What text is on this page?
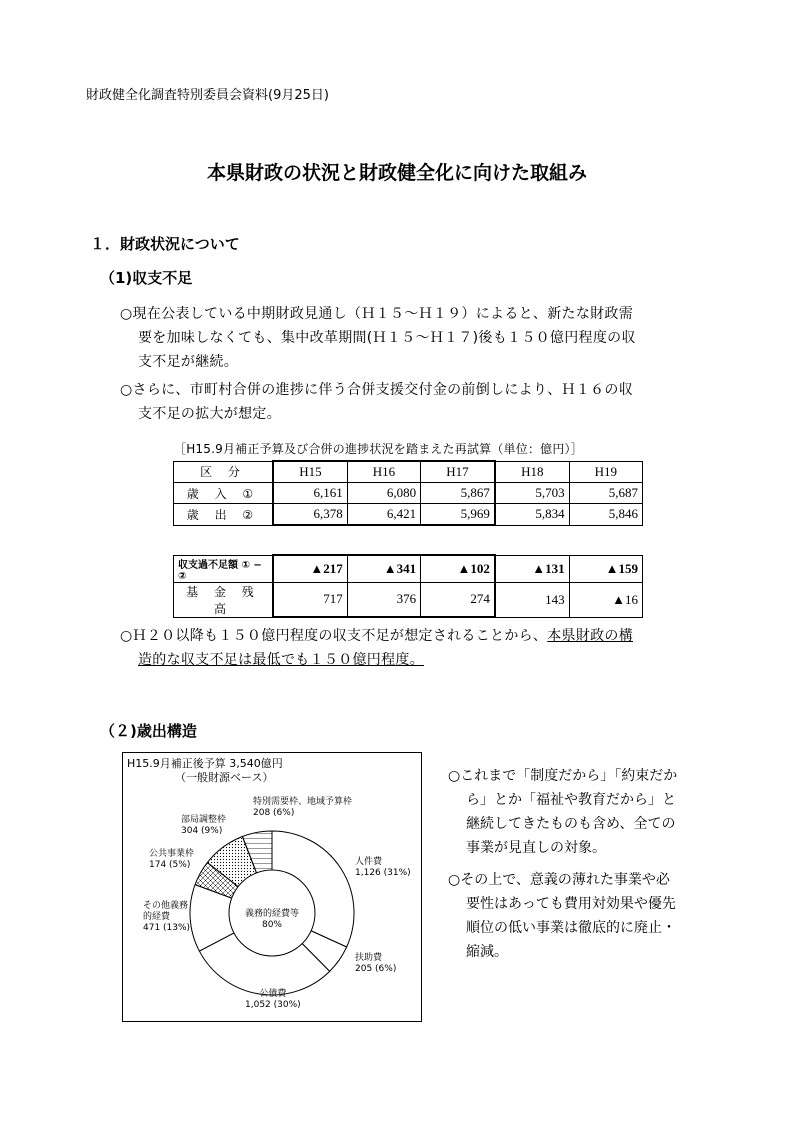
財政健全化調査特別委員会資料(9月25日)
本県財政の状況と財政健全化に向けた取組み
１．財政状況について
（1)収支不足
○現在公表している中期財政見通し（Ｈ１５～Ｈ１９）によると、新たな財政需
要を加味しなくても、集中改革期間(Ｈ１５～Ｈ１７)後も１５０億円程度の収
支不足が継続。
○さらに、市町村合併の進捗に伴う合併支援交付金の前倒しにより、Ｈ１６の収
支不足の拡大が想定。
［H15.9月補正予算及び合併の進捗状況を踏まえた再試算（単位：億円）］
区 分	H15	H16	H17	H18	H19
歳 入 ①	6,161	6,080	5,867	5,703	5,687
歳 出 ②	6,378	6,421	5,969	5,834	5,846
収支過不足額 ① − ②	▲217	▲341	▲102	▲131	▲159
基 金 残 高	717	376	274	143	▲16
○Ｈ２０以降も１５０億円程度の収支不足が想定されることから、本県財政の構
造的な収支不足は最低でも１５０億円程度。
（２)歳出構造
H15.9月補正後予算 3,540億円
（一般財源ベース）
義務的経費等
80%
人件費
1,126 (31%)
扶助費
205 (6%)
公債費
1,052 (30%)
その他義務的経費
471 (13%)
公共事業枠
174 (5%)
部局調整枠
304 (9%)
特別需要枠、地域予算枠
208 (6%)
○これまで「制度だから」「約束だか
ら」とか「福祉や教育だから」と
継続してきたものも含め、全ての
事業が見直しの対象。
○その上で、意義の薄れた事業や必
要性はあっても費用対効果や優先
順位の低い事業は徹底的に廃止・
縮減。
